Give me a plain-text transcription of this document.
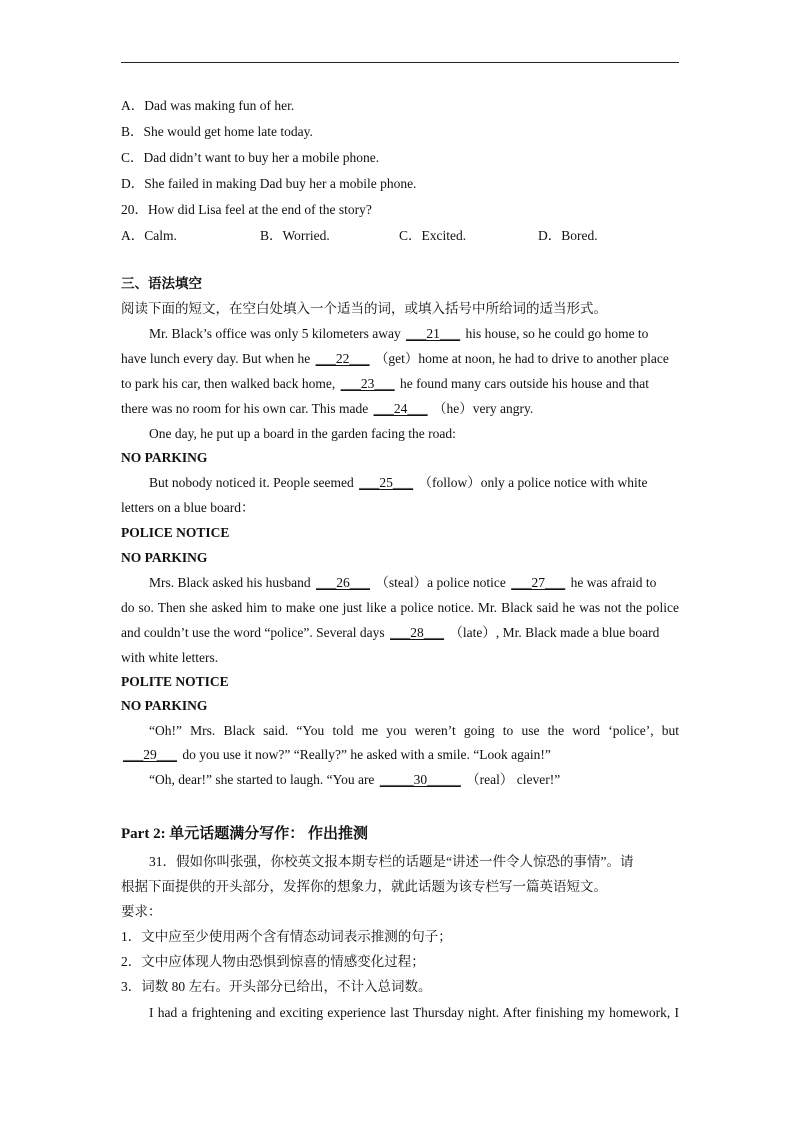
A．Dad was making fun of her.
B．She would get home late today.
C．Dad didn’t want to buy her a mobile phone.
D．She failed in making Dad buy her a mobile phone.
20．How did Lisa feel at the end of the story?
A．Calm.	B．Worried.	C．Excited.	D．Bored.
三、语法填空
阅读下面的短文，在空白处填入一个适当的词，或填入括号中所给词的适当形式。
Mr. Black’s office was only 5 kilometers away ___21___ his house, so he could go home to
have lunch every day. But when he ___22___ （get）home at noon, he had to drive to another place
to park his car, then walked back home, ___23___ he found many cars outside his house and that
there was no room for his own car. This made ___24___ （he）very angry.
One day, he put up a board in the garden facing the road:
NO PARKING
But nobody noticed it. People seemed ___25___ （follow）only a police notice with white
letters on a blue board：
POLICE NOTICE
NO PARKING
Mrs. Black asked his husband ___26___ （steal）a police notice ___27___ he was afraid to
do so. Then she asked him to make one just like a police notice. Mr. Black said he was not the police
and couldn’t use the word “police”. Several days ___28___ （late）, Mr. Black made a blue board
with white letters.
POLITE NOTICE
NO PARKING
“Oh!” Mrs. Black said. “You told me you weren’t going to use the word ‘police’, but
___29___ do you use it now?” “Really?” he asked with a smile. “Look again!”
“Oh, dear!” she started to laugh. “You are _____30_____ （real） clever!”
Part 2: 单元话题满分写作： 作出推测
31．假如你叫张强，你校英文报本期专栏的话题是“讲述一件令人惊恐的事情”。请
根据下面提供的开头部分，发挥你的想象力，就此话题为该专栏写一篇英语短文。
要求：
1．文中应至少使用两个含有情态动词表示推测的句子；
2．文中应体现人物由恐惧到惊喜的情感变化过程；
3．词数 80 左右。开头部分已给出，不计入总词数。
I had a frightening and exciting experience last Thursday night. After finishing my homework, I
